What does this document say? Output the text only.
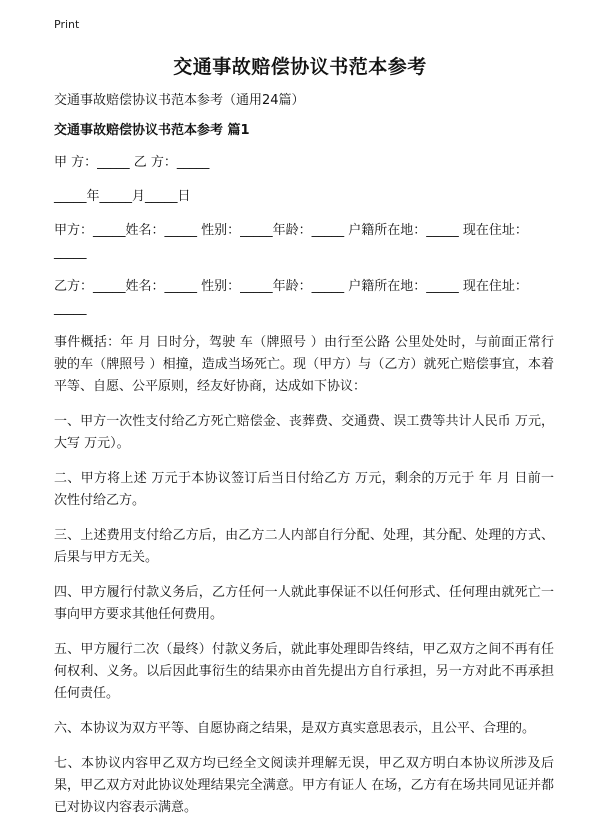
Print
交通事故赔偿协议书范本参考

交通事故赔偿协议书范本参考（通用24篇）

交通事故赔偿协议书范本参考 篇1

甲 方：_____ 乙 方：_____

_____年_____月_____日

甲方：_____姓名：_____ 性别：_____年龄：_____ 户籍所在地：_____ 现在住址：_____

乙方：_____姓名：_____ 性别：_____年龄：_____ 户籍所在地：_____ 现在住址：_____

事件概括：年 月 日时分，驾驶 车（牌照号 ）由行至公路 公里处处时，与前面正常行驶的车（牌照号 ）相撞，造成当场死亡。现（甲方）与（乙方）就死亡赔偿事宜，本着平等、自愿、公平原则，经友好协商，达成如下协议：

一、甲方一次性支付给乙方死亡赔偿金、丧葬费、交通费、误工费等共计人民币 万元，大写 万元）。

二、甲方将上述 万元于本协议签订后当日付给乙方 万元，剩余的万元于 年 月 日前一次性付给乙方。

三、上述费用支付给乙方后，由乙方二人内部自行分配、处理，其分配、处理的方式、后果与甲方无关。

四、甲方履行付款义务后，乙方任何一人就此事保证不以任何形式、任何理由就死亡一事向甲方要求其他任何费用。

五、甲方履行二次（最终）付款义务后，就此事处理即告终结，甲乙双方之间不再有任何权利、义务。以后因此事衍生的结果亦由首先提出方自行承担，另一方对此不再承担任何责任。

六、本协议为双方平等、自愿协商之结果，是双方真实意思表示，且公平、合理的。

七、本协议内容甲乙双方均已经全文阅读并理解无误，甲乙双方明白本协议所涉及后果，甲乙双方对此协议处理结果完全满意。甲方有证人 在场，乙方有在场共同见证并都已对协议内容表示满意。
